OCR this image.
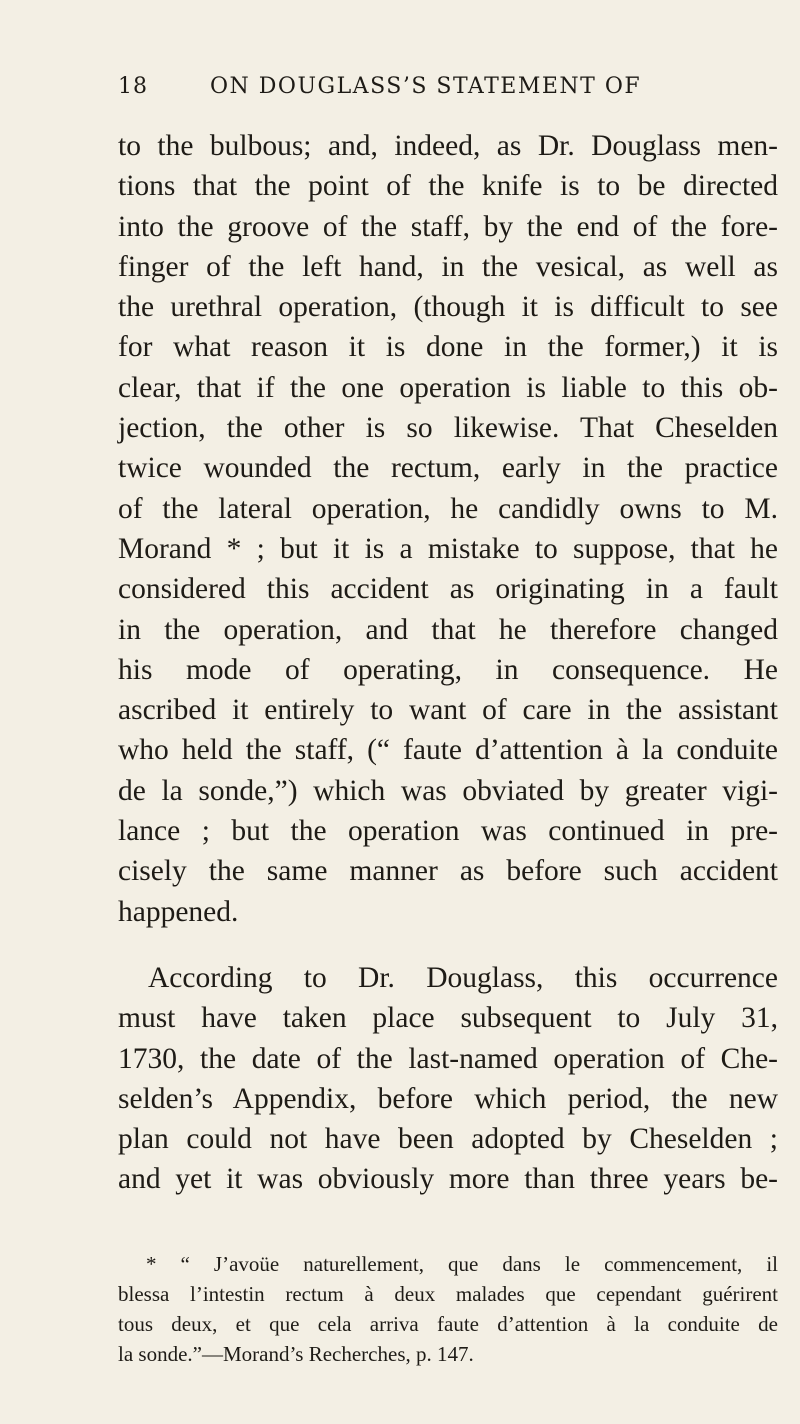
18	ON DOUGLASS’S STATEMENT OF
to the bulbous; and, indeed, as Dr. Douglass men-
tions that the point of the knife is to be directed
into the groove of the staff, by the end of the fore-
finger of the left hand, in the vesical, as well as
the urethral operation, (though it is difficult to see
for what reason it is done in the former,) it is
clear, that if the one operation is liable to this ob-
jection, the other is so likewise. That Cheselden
twice wounded the rectum, early in the practice
of the lateral operation, he candidly owns to M.
Morand * ; but it is a mistake to suppose, that he
considered this accident as originating in a fault
in the operation, and that he therefore changed
his mode of operating, in consequence. He
ascribed it entirely to want of care in the assistant
who held the staff, (“ faute d’attention à la conduite
de la sonde,”) which was obviated by greater vigi-
lance ; but the operation was continued in pre-
cisely the same manner as before such accident
happened.
According to Dr. Douglass, this occurrence
must have taken place subsequent to July 31,
1730, the date of the last-named operation of Che-
selden’s Appendix, before which period, the new
plan could not have been adopted by Cheselden ;
and yet it was obviously more than three years be-
* “ J’avoüe naturellement, que dans le commencement, il
blessa l’intestin rectum à deux malades que cependant guérirent
tous deux, et que cela arriva faute d’attention à la conduite de
la sonde.”—Morand’s Recherches, p. 147.
